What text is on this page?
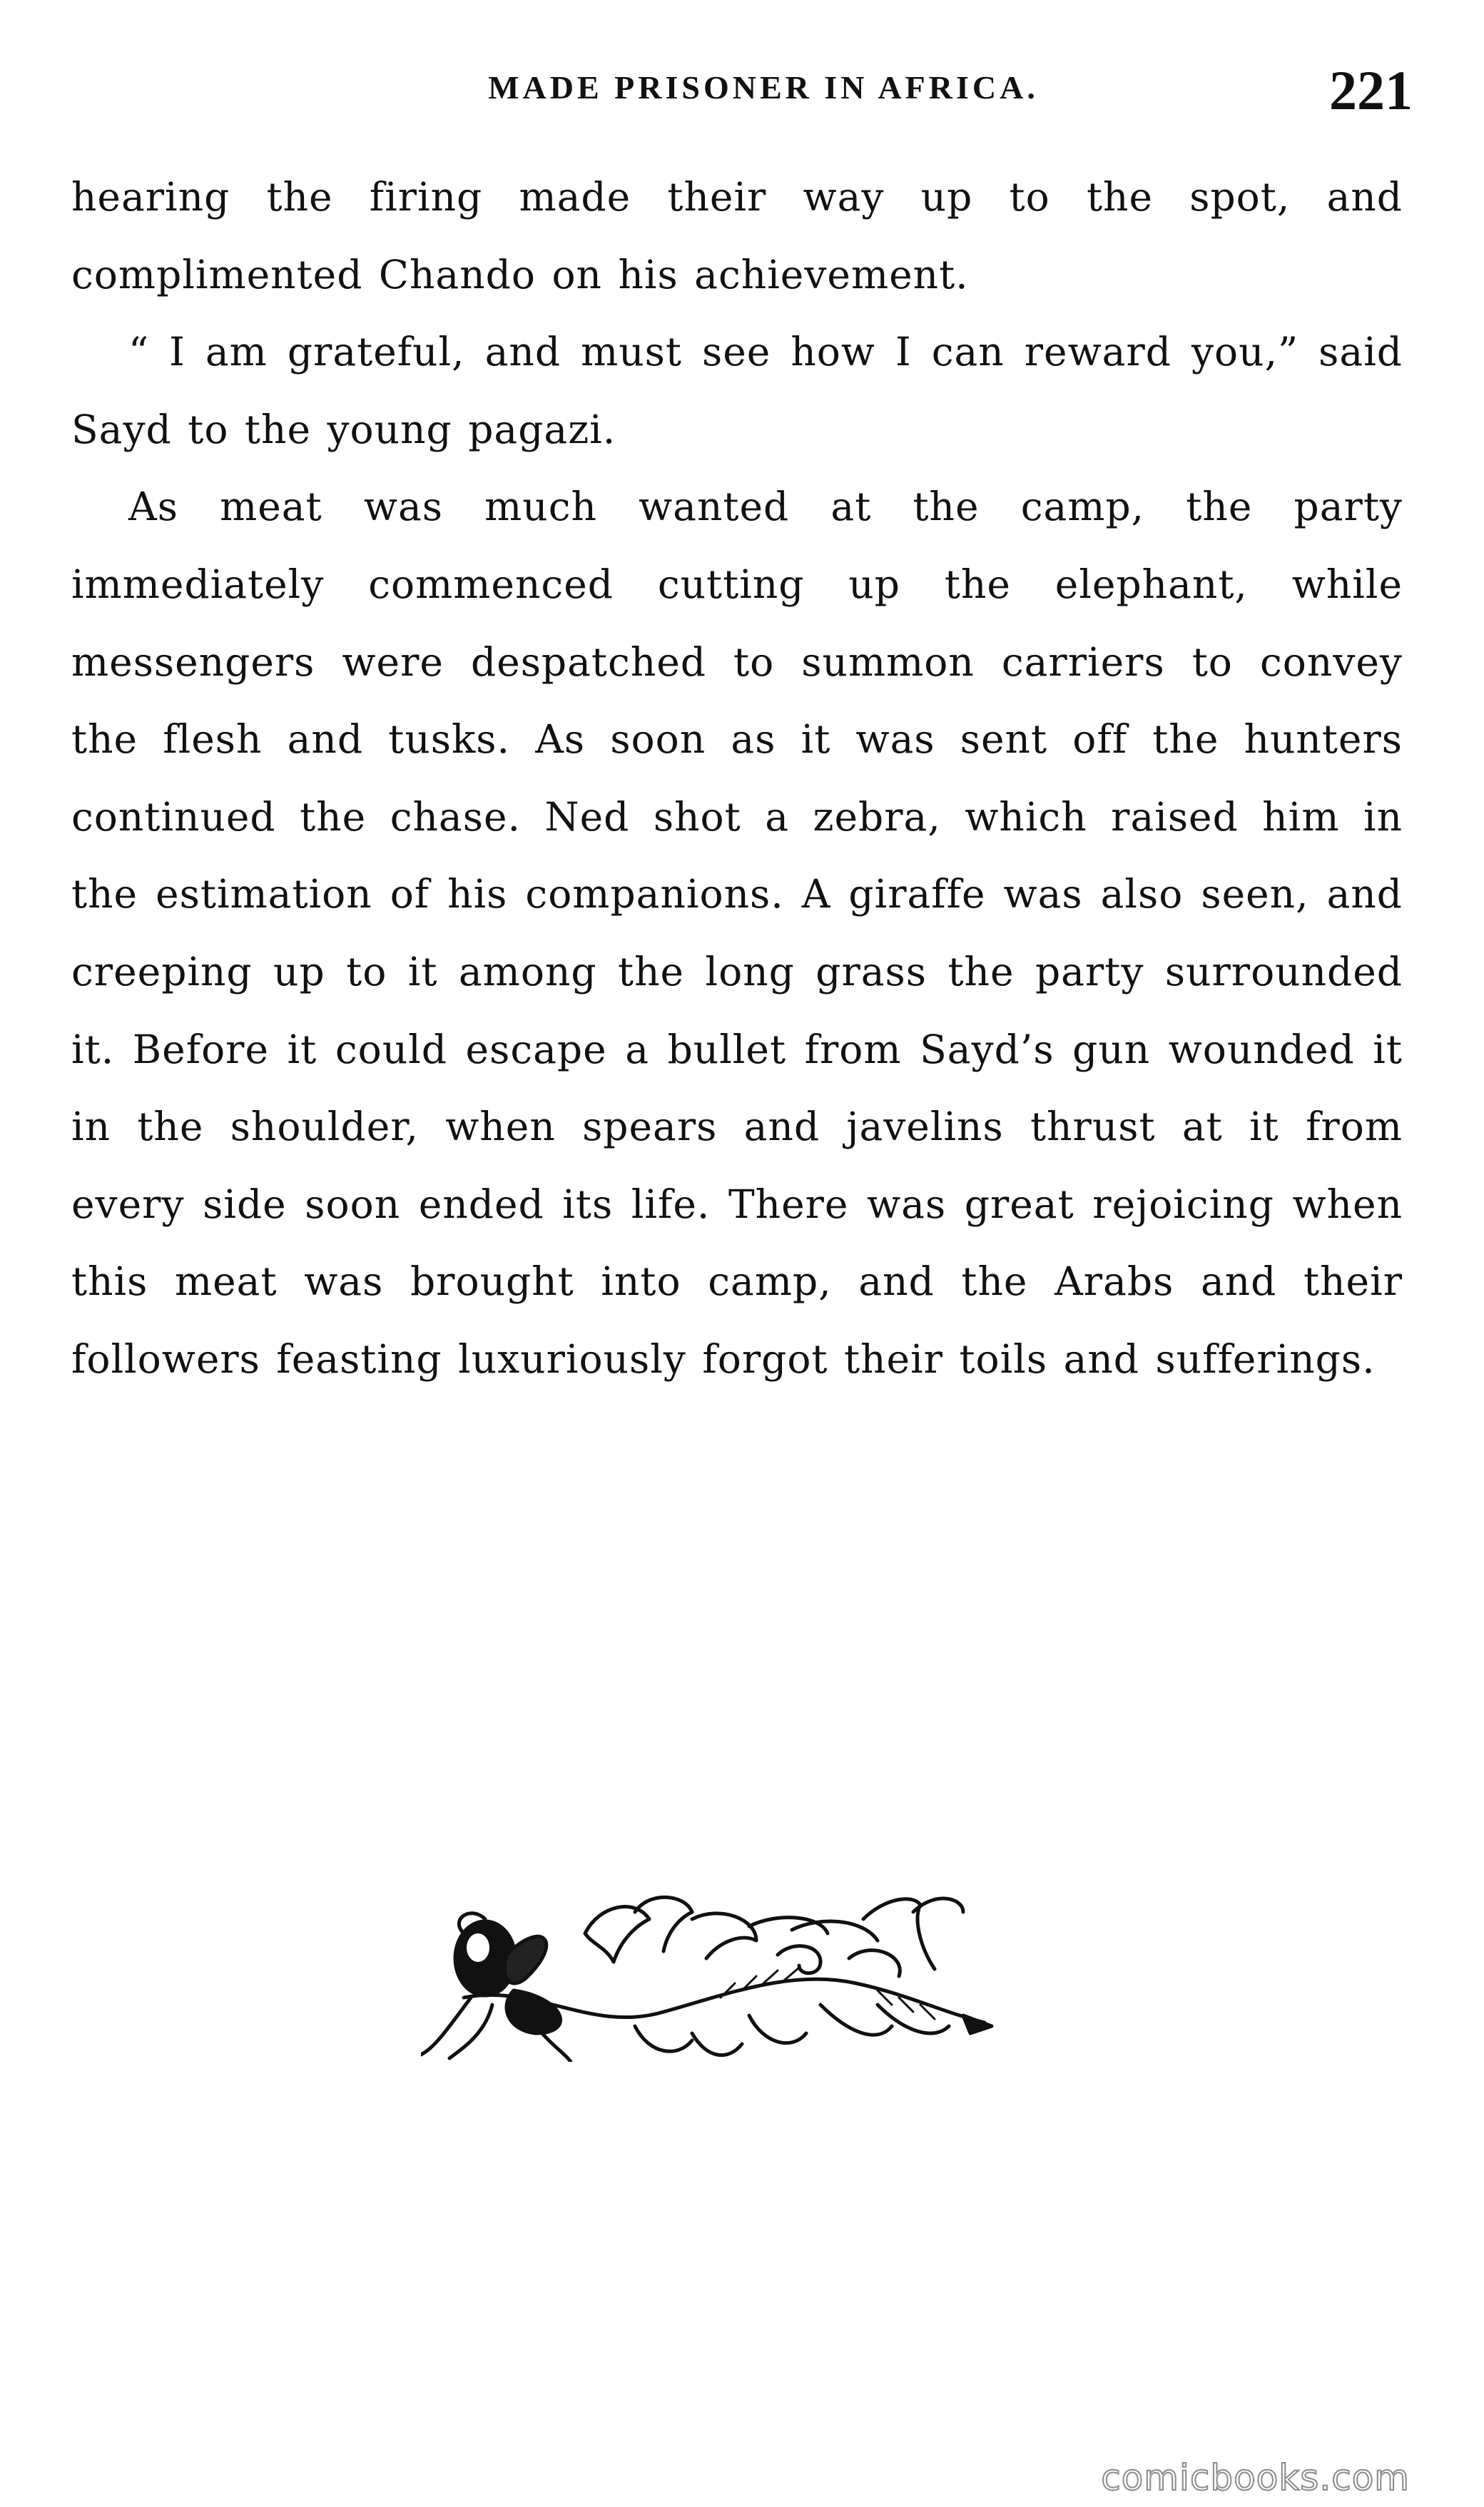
MADE PRISONER IN AFRICA.	221

hearing the firing made their way up to the spot, and complimented Chando on his achievement.

“ I am grateful, and must see how I can reward you,” said Sayd to the young pagazi.

As meat was much wanted at the camp, the party immediately commenced cutting up the elephant, while messengers were despatched to summon carriers to convey the flesh and tusks. As soon as it was sent off the hunters continued the chase. Ned shot a zebra, which raised him in the estimation of his companions. A giraffe was also seen, and creeping up to it among the long grass the party surrounded it. Before it could escape a bullet from Sayd’s gun wounded it in the shoulder, when spears and javelins thrust at it from every side soon ended its life. There was great rejoicing when this meat was brought into camp, and the Arabs and their followers feasting luxuriously forgot their toils and sufferings.

comicbooks.com
